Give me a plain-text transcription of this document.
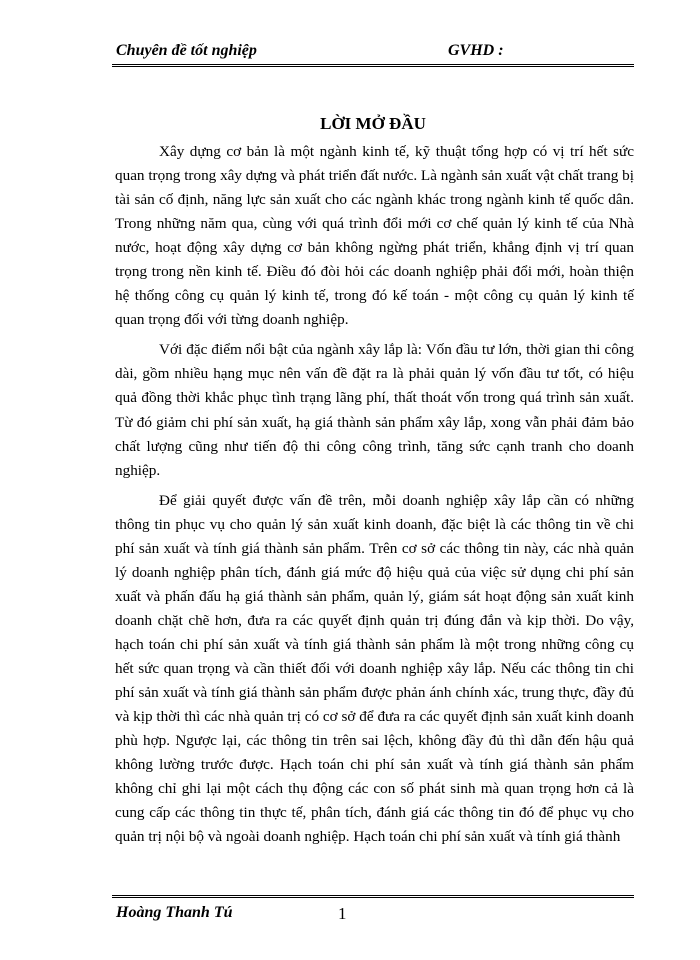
Chuyên đề tốt nghiệp	GVHD :
LỜI MỞ ĐẦU

Xây dựng cơ bản là một ngành kinh tế, kỹ thuật tổng hợp có vị trí hết sức quan trọng trong xây dựng và phát triển đất nước. Là ngành sản xuất vật chất trang bị tài sản cố định, năng lực sản xuất cho các ngành khác trong ngành kinh tế quốc dân. Trong những năm qua, cùng với quá trình đổi mới cơ chế quản lý kinh tế của Nhà nước, hoạt động xây dựng cơ bản không ngừng phát triển, khẳng định vị trí quan trọng trong nền kinh tế. Điều đó đòi hỏi các doanh nghiệp phải đổi mới, hoàn thiện hệ thống công cụ quản lý kinh tế, trong đó kế toán - một công cụ quản lý kinh tế quan trọng đối với từng doanh nghiệp.

Với đặc điểm nổi bật của ngành xây lắp là: Vốn đầu tư lớn, thời gian thi công dài, gồm nhiều hạng mục nên vấn đề đặt ra là phải quản lý vốn đầu tư tốt, có hiệu quả đồng thời khắc phục tình trạng lãng phí, thất thoát vốn trong quá trình sản xuất. Từ đó giảm chi phí sản xuất, hạ giá thành sản phẩm xây lắp, xong vẫn phải đảm bảo chất lượng cũng như tiến độ thi công công trình, tăng sức cạnh tranh cho doanh nghiệp.

Để giải quyết được vấn đề trên, mỗi doanh nghiệp xây lắp cần có những thông tin phục vụ cho quản lý sản xuất kinh doanh, đặc biệt là các thông tin về chi phí sản xuất và tính giá thành sản phẩm. Trên cơ sở các thông tin này, các nhà quản lý doanh nghiệp phân tích, đánh giá mức độ hiệu quả của việc sử dụng chi phí sản xuất và phấn đấu hạ giá thành sản phẩm, quản lý, giám sát hoạt động sản xuất kinh doanh chặt chẽ hơn, đưa ra các quyết định quản trị đúng đắn và kịp thời. Do vậy, hạch toán chi phí sản xuất và tính giá thành sản phẩm là một trong những công cụ hết sức quan trọng và cần thiết đối với doanh nghiệp xây lắp. Nếu các thông tin chi phí sản xuất và tính giá thành sản phẩm được phản ánh chính xác, trung thực, đầy đủ và kịp thời thì các nhà quản trị có cơ sở để đưa ra các quyết định sản xuất kinh doanh phù hợp. Ngược lại, các thông tin trên sai lệch, không đầy đủ thì dẫn đến hậu quả không lường trước được. Hạch toán chi phí sản xuất và tính giá thành sản phẩm không chỉ ghi lại một cách thụ động các con số phát sinh mà quan trọng hơn cả là cung cấp các thông tin thực tế, phân tích, đánh giá các thông tin đó để phục vụ cho quản trị nội bộ và ngoài doanh nghiệp. Hạch toán chi phí sản xuất và tính giá thành

Hoàng Thanh Tú	1
